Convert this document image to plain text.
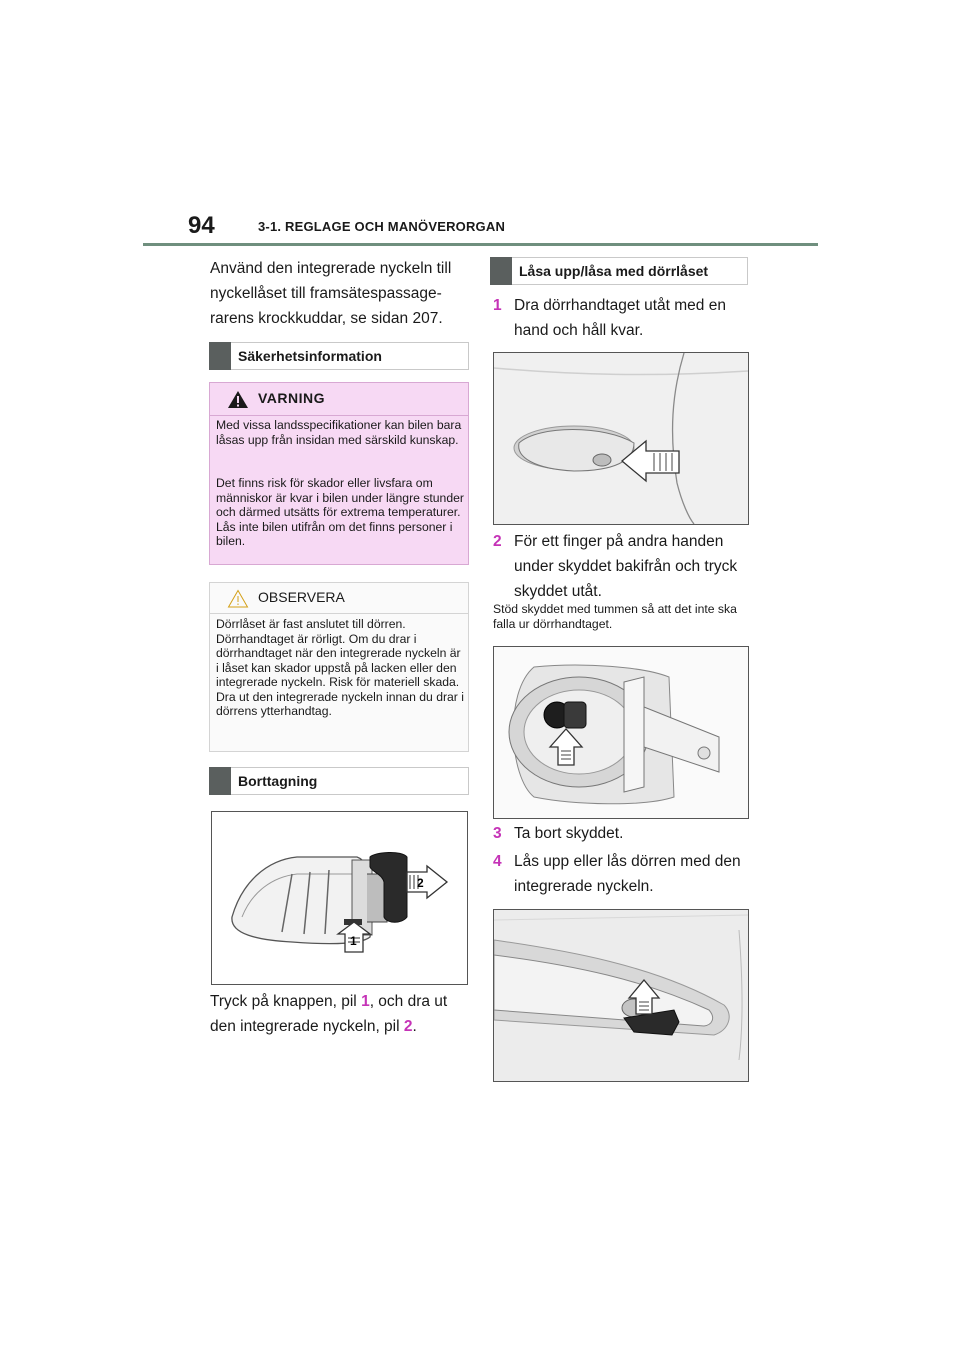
94	3-1. REGLAGE OCH MANÖVERORGAN
Använd den integrerade nyckeln till nyckellåset till framsätespassagerarens krockkuddar, se sidan 207.
Säkerhetsinformation
VARNING
Med vissa landsspecifikationer kan bilen bara låsas upp från insidan med särskild kunskap.
Det finns risk för skador eller livsfara om människor är kvar i bilen under längre stunder och därmed utsätts för extrema temperaturer. Lås inte bilen utifrån om det finns personer i bilen.
OBSERVERA
Dörrlåset är fast anslutet till dörren. Dörrhandtaget är rörligt. Om du drar i dörrhandtaget när den integrerade nyckeln är i låset kan skador uppstå på lacken eller den integrerade nyckeln. Risk för materiell skada. Dra ut den integrerade nyckeln innan du drar i dörrens ytterhandtag.
Borttagning
2
1
Tryck på knappen, pil 1, och dra ut den integrerade nyckeln, pil 2.
Låsa upp/låsa med dörrlåset
1 Dra dörrhandtaget utåt med en hand och håll kvar.
2 För ett finger på andra handen under skyddet bakifrån och tryck skyddet utåt.
Stöd skyddet med tummen så att det inte ska falla ur dörrhandtaget.
3 Ta bort skyddet.
4 Lås upp eller lås dörren med den integrerade nyckeln.
